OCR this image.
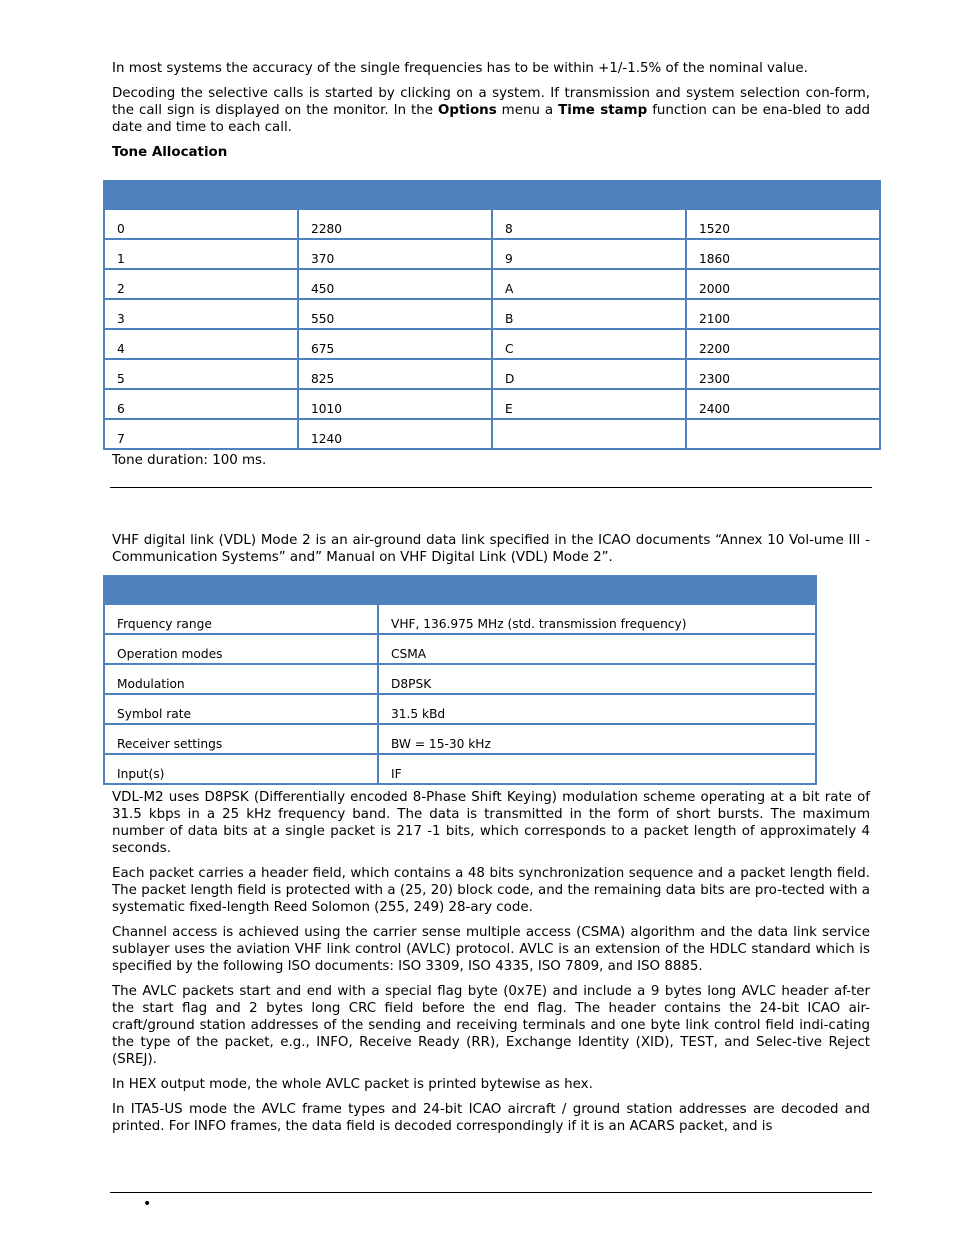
In most systems the accuracy of the single frequencies has to be within +1/-1.5% of the nominal value.

Decoding the selective calls is started by clicking on a system. If transmission and system selection con-form, the call sign is displayed on the monitor. In the Options menu a Time stamp function can be ena-bled to add date and time to each call.

Tone Allocation

0	2280	8	1520
1	370	9	1860
2	450	A	2000
3	550	B	2100
4	675	C	2200
5	825	D	2300
6	1010	E	2400
7	1240		

Tone duration: 100 ms.

VHF digital link (VDL) Mode 2 is an air-ground data link specified in the ICAO documents “Annex 10 Vol-ume III - Communication Systems” and” Manual on VHF Digital Link (VDL) Mode 2”.

Frquency range	VHF, 136.975 MHz (std. transmission frequency)
Operation modes	CSMA
Modulation	D8PSK
Symbol rate	31.5 kBd
Receiver settings	BW = 15-30 kHz
Input(s)	IF

VDL-M2 uses D8PSK (Differentially encoded 8-Phase Shift Keying) modulation scheme operating at a bit rate of 31.5 kbps in a 25 kHz frequency band. The data is transmitted in the form of short bursts. The maximum number of data bits at a single packet is 217 -1 bits, which corresponds to a packet length of approximately 4 seconds.

Each packet carries a header field, which contains a 48 bits synchronization sequence and a packet length field. The packet length field is protected with a (25, 20) block code, and the remaining data bits are pro-tected with a systematic fixed-length Reed Solomon (255, 249) 28-ary code.

Channel access is achieved using the carrier sense multiple access (CSMA) algorithm and the data link service sublayer uses the aviation VHF link control (AVLC) protocol. AVLC is an extension of the HDLC standard which is specified by the following ISO documents: ISO 3309, ISO 4335, ISO 7809, and ISO 8885.

The AVLC packets start and end with a special flag byte (0x7E) and include a 9 bytes long AVLC header af-ter the start flag and 2 bytes long CRC field before the end flag. The header contains the 24-bit ICAO air-craft/ground station addresses of the sending and receiving terminals and one byte link control field indi-cating the type of the packet, e.g., INFO, Receive Ready (RR), Exchange Identity (XID), TEST, and Selec-tive Reject (SREJ).

In HEX output mode, the whole AVLC packet is printed bytewise as hex.

In ITA5-US mode the AVLC frame types and 24-bit ICAO aircraft / ground station addresses are decoded and printed. For INFO frames, the data field is decoded correspondingly if it is an ACARS packet, and is

•
